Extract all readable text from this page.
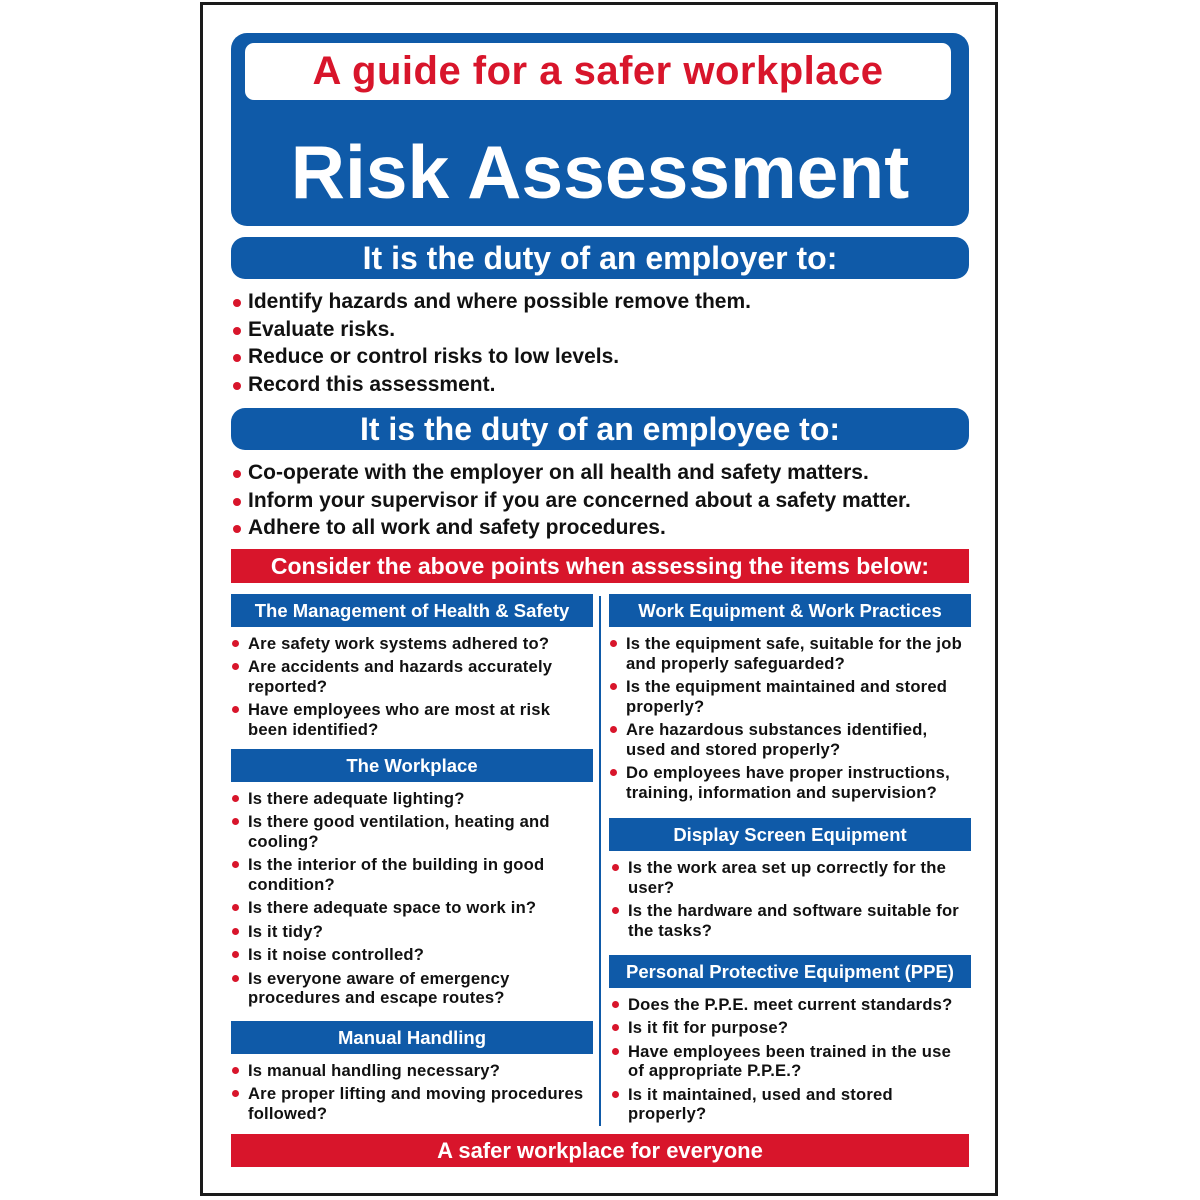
A guide for a safer workplace
Risk Assessment
It is the duty of an employer to:
Identify hazards and where possible remove them.
Evaluate risks.
Reduce or control risks to low levels.
Record this assessment.
It is the duty of an employee to:
Co-operate with the employer on all health and safety matters.
Inform your supervisor if you are concerned about a safety matter.
Adhere to all work and safety procedures.
Consider the above points when assessing the items below:
The Management of Health & Safety
Are safety work systems adhered to?
Are accidents and hazards accurately reported?
Have employees who are most at risk been identified?
The Workplace
Is there adequate lighting?
Is there good ventilation, heating and cooling?
Is the interior of the building in good condition?
Is there adequate space to work in?
Is it tidy?
Is it noise controlled?
Is everyone aware of emergency procedures and escape routes?
Manual Handling
Is manual handling necessary?
Are proper lifting and moving procedures followed?
Work Equipment & Work Practices
Is the equipment safe, suitable for the job and properly safeguarded?
Is the equipment maintained and stored properly?
Are hazardous substances identified, used and stored properly?
Do employees have proper instructions, training, information and supervision?
Display Screen Equipment
Is the work area set up correctly for the user?
Is the hardware and software suitable for the tasks?
Personal Protective Equipment (PPE)
Does the P.P.E. meet current standards?
Is it fit for purpose?
Have employees been trained in the use of appropriate P.P.E.?
Is it maintained, used and stored properly?
A safer workplace for everyone
